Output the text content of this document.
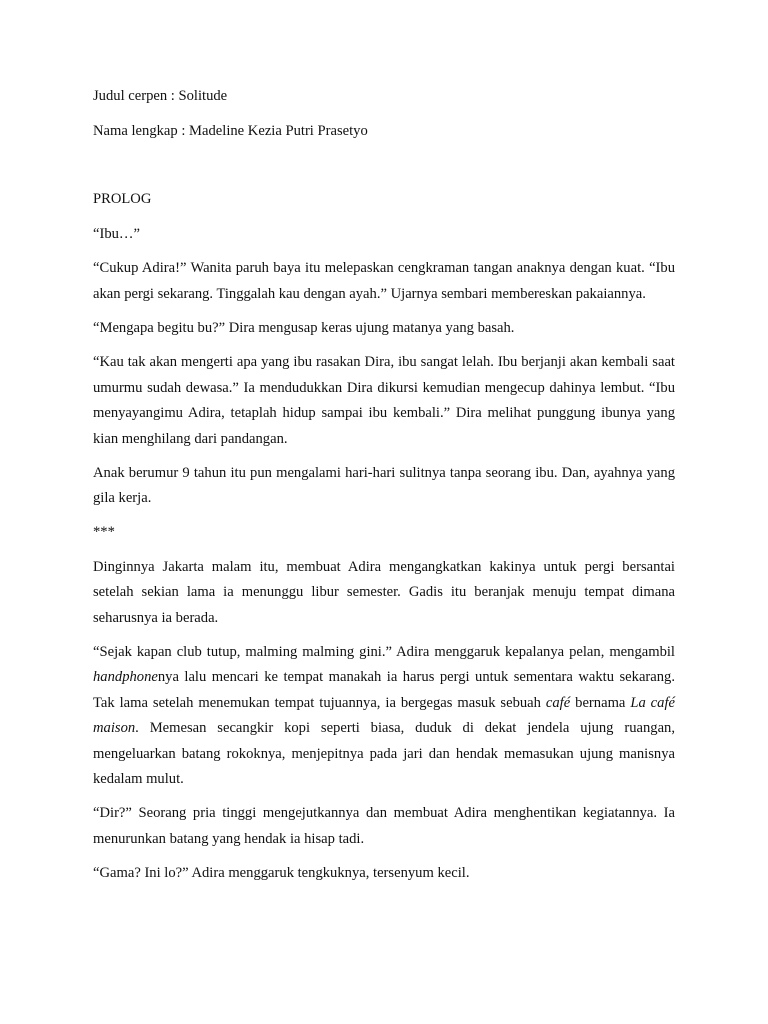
Judul cerpen : Solitude

Nama lengkap : Madeline Kezia Putri Prasetyo

PROLOG

“Ibu…”

“Cukup Adira!” Wanita paruh baya itu melepaskan cengkraman tangan anaknya dengan kuat. “Ibu akan pergi sekarang. Tinggalah kau dengan ayah.” Ujarnya sembari membereskan pakaiannya.

“Mengapa begitu bu?” Dira mengusap keras ujung matanya yang basah.

“Kau tak akan mengerti apa yang ibu rasakan Dira, ibu sangat lelah. Ibu berjanji akan kembali saat umurmu sudah dewasa.” Ia mendudukkan Dira dikursi kemudian mengecup dahinya lembut. “Ibu menyayangimu Adira, tetaplah hidup sampai ibu kembali.” Dira melihat punggung ibunya yang kian menghilang dari pandangan.

Anak berumur 9 tahun itu pun mengalami hari-hari sulitnya tanpa seorang ibu. Dan, ayahnya yang gila kerja.

***

Dinginnya Jakarta malam itu, membuat Adira mengangkatkan kakinya untuk pergi bersantai setelah sekian lama ia menunggu libur semester. Gadis itu beranjak menuju tempat dimana seharusnya ia berada.

“Sejak kapan club tutup, malming malming gini.” Adira menggaruk kepalanya pelan, mengambil handphonenya lalu mencari ke tempat manakah ia harus pergi untuk sementara waktu sekarang. Tak lama setelah menemukan tempat tujuannya, ia bergegas masuk sebuah café bernama La café maison. Memesan secangkir kopi seperti biasa, duduk di dekat jendela ujung ruangan, mengeluarkan batang rokoknya, menjepitnya pada jari dan hendak memasukan ujung manisnya kedalam mulut.

“Dir?” Seorang pria tinggi mengejutkannya dan membuat Adira menghentikan kegiatannya. Ia menurunkan batang yang hendak ia hisap tadi.

“Gama? Ini lo?” Adira menggaruk tengkuknya, tersenyum kecil.
